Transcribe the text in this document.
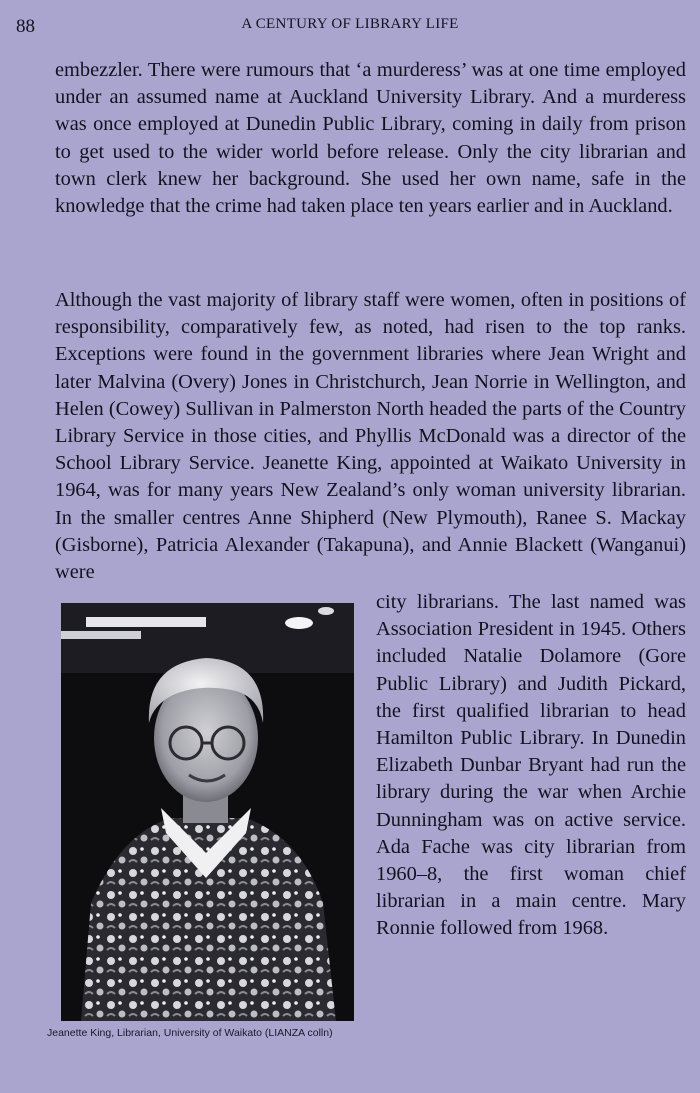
88	A CENTURY OF LIBRARY LIFE

embezzler. There were rumours that ‘a murderess’ was at one time employed under an assumed name at Auckland University Library. And a murderess was once employed at Dunedin Public Library, coming in daily from prison to get used to the wider world before release. Only the city librarian and town clerk knew her background. She used her own name, safe in the knowledge that the crime had taken place ten years earlier and in Auckland.

Although the vast majority of library staff were women, often in positions of responsibility, comparatively few, as noted, had risen to the top ranks. Exceptions were found in the government libraries where Jean Wright and later Malvina (Overy) Jones in Christchurch, Jean Norrie in Wellington, and Helen (Cowey) Sullivan in Palmerston North headed the parts of the Country Library Service in those cities, and Phyllis McDonald was a director of the School Library Service. Jeanette King, appointed at Waikato University in 1964, was for many years New Zealand’s only woman university librarian. In the smaller centres Anne Shipherd (New Plymouth), Ranee S. Mackay (Gisborne), Patricia Alexander (Takapuna), and Annie Blackett (Wanganui) were

city librarians. The last named was Association President in 1945. Others included Natalie Dolamore (Gore Public Library) and Judith Pickard, the first qualified librarian to head Hamilton Public Library. In Dunedin Elizabeth Dunbar Bryant had run the library during the war when Archie Dunningham was on active service. Ada Fache was city librarian from 1960–8, the first woman chief librarian in a main centre. Mary Ronnie followed from 1968.

Jeanette King, Librarian, University of Waikato (LIANZA colln)
